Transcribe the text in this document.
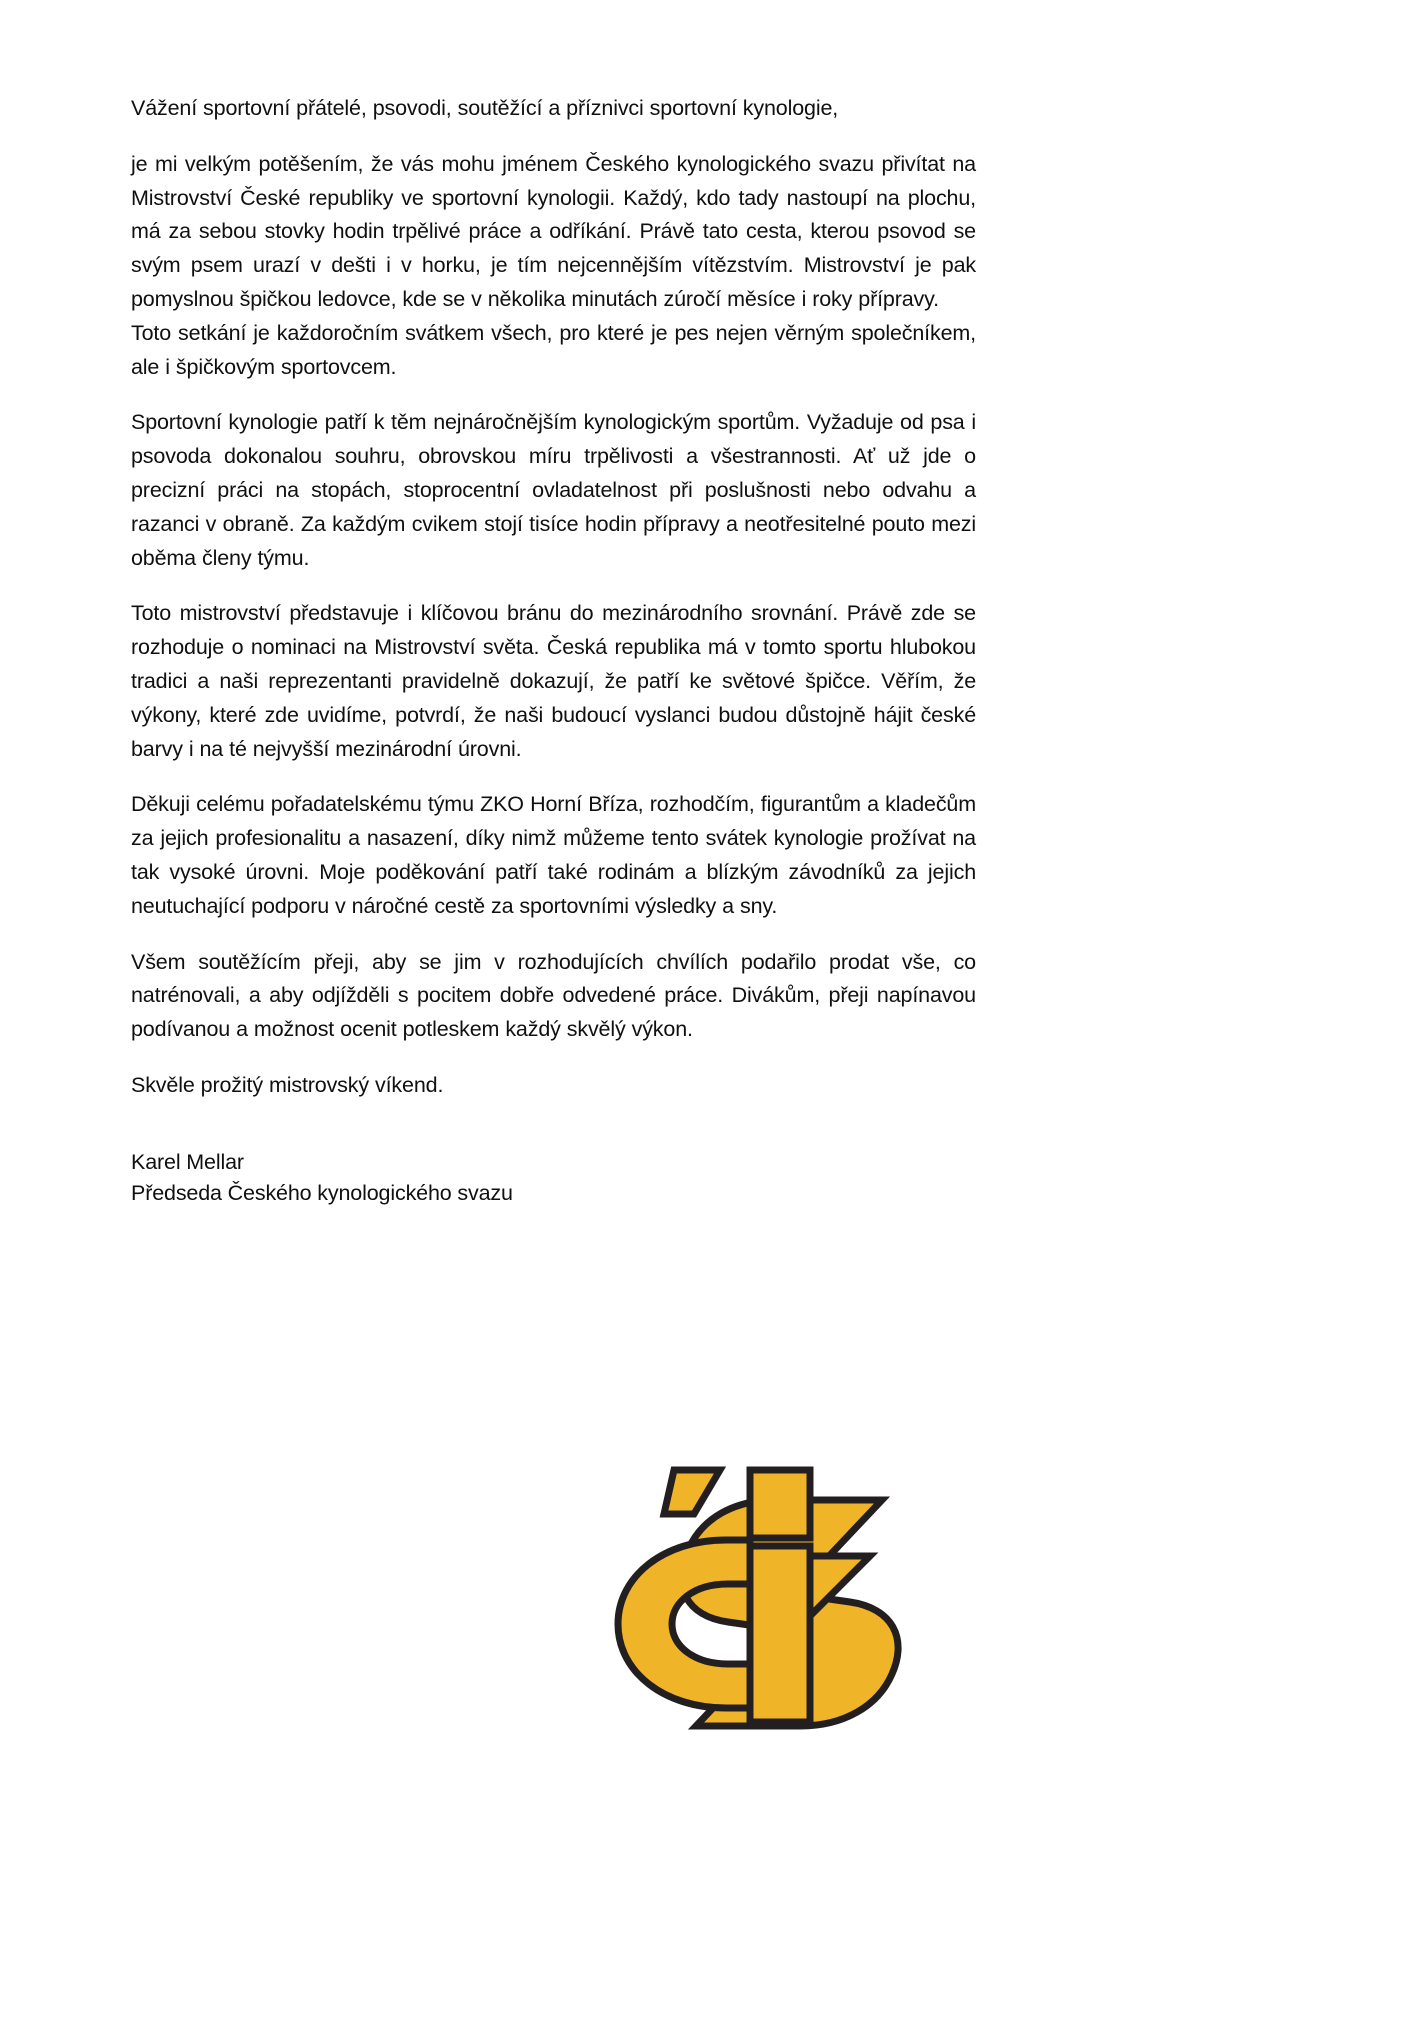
Vážení sportovní přátelé, psovodi, soutěžící a příznivci sportovní kynologie,

je mi velkým potěšením, že vás mohu jménem Českého kynologického svazu přivítat na Mistrovství České republiky ve sportovní kynologii. Každý, kdo tady nastoupí na plochu, má za sebou stovky hodin trpělivé práce a odříkání. Právě tato cesta, kterou psovod se svým psem urazí v dešti i v horku, je tím nejcennějším vítězstvím. Mistrovství je pak pomyslnou špičkou ledovce, kde se v několika minutách zúročí měsíce i roky přípravy.

Toto setkání je každoročním svátkem všech, pro které je pes nejen věrným společníkem, ale i špičkovým sportovcem.

Sportovní kynologie patří k těm nejnáročnějším kynologickým sportům. Vyžaduje od psa i psovoda dokonalou souhru, obrovskou míru trpělivosti a všestrannosti. Ať už jde o precizní práci na stopách, stoprocentní ovladatelnost při poslušnosti nebo odvahu a razanci v obraně. Za každým cvikem stojí tisíce hodin přípravy a neotřesitelné pouto mezi oběma členy týmu.

Toto mistrovství představuje i klíčovou bránu do mezinárodního srovnání. Právě zde se rozhoduje o nominaci na Mistrovství světa. Česká republika má v tomto sportu hlubokou tradici a naši reprezentanti pravidelně dokazují, že patří ke světové špičce. Věřím, že výkony, které zde uvidíme, potvrdí, že naši budoucí vyslanci budou důstojně hájit české barvy i na té nejvyšší mezinárodní úrovni.

Děkuji celému pořadatelskému týmu ZKO Horní Bříza, rozhodčím, figurantům a kladečům za jejich profesionalitu a nasazení, díky nimž můžeme tento svátek kynologie prožívat na tak vysoké úrovni. Moje poděkování patří také rodinám a blízkým závodníků za jejich neutuchající podporu v náročné cestě za sportovními výsledky a sny.

Všem soutěžícím přeji, aby se jim v rozhodujících chvílích podařilo prodat vše, co natrénovali, a aby odjížděli s pocitem dobře odvedené práce. Divákům, přeji napínavou podívanou a možnost ocenit potleskem každý skvělý výkon.

Skvěle prožitý mistrovský víkend.

Karel Mellar

Předseda Českého kynologického svazu
